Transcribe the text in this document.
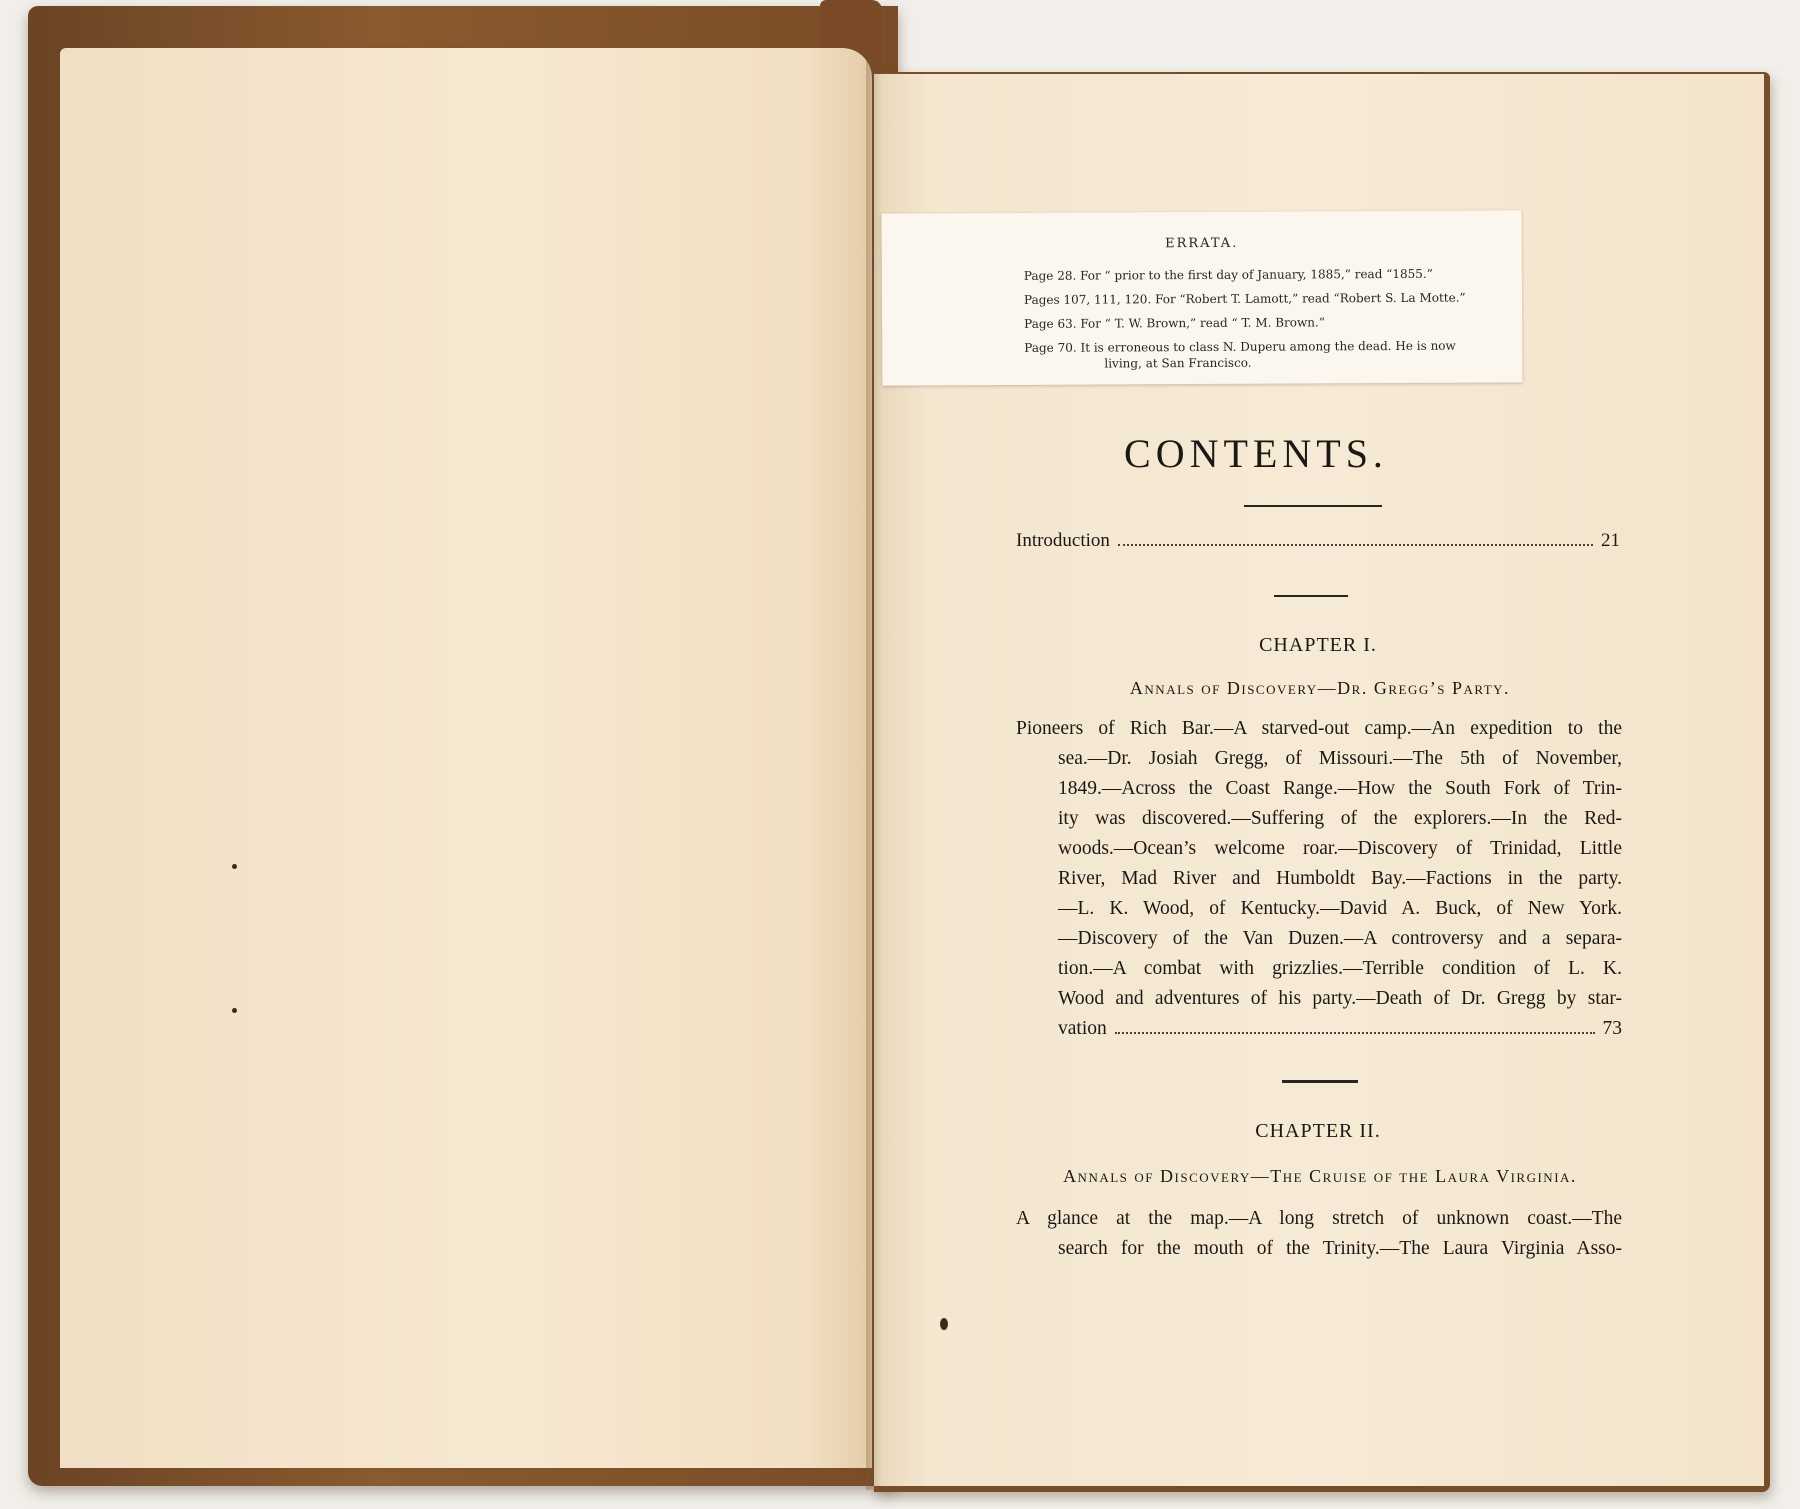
ERRATA.
Page 28. For “ prior to the first day of January, 1885,” read “1855.”
Pages 107, 111, 120. For “Robert T. Lamott,” read “Robert S. La Motte.”
Page 63. For “ T. W. Brown,” read “ T. M. Brown.”
Page 70. It is erroneous to class N. Duperu among the dead. He is now
living, at San Francisco.
CONTENTS.
Introduction	21
CHAPTER I.
Annals of Discovery—Dr. Gregg’s Party.
Pioneers of Rich Bar.—A starved-out camp.—An expedition to the
sea.—Dr. Josiah Gregg, of Missouri.—The 5th of November,
1849.—Across the Coast Range.—How the South Fork of Trin-
ity was discovered.—Suffering of the explorers.—In the Red-
woods.—Ocean’s welcome roar.—Discovery of Trinidad, Little
River, Mad River and Humboldt Bay.—Factions in the party.
—L. K. Wood, of Kentucky.—David A. Buck, of New York.
—Discovery of the Van Duzen.—A controversy and a separa-
tion.—A combat with grizzlies.—Terrible condition of L. K.
Wood and adventures of his party.—Death of Dr. Gregg by star-
vation	73
CHAPTER II.
Annals of Discovery—The Cruise of the Laura Virginia.
A glance at the map.—A long stretch of unknown coast.—The
search for the mouth of the Trinity.—The Laura Virginia Asso-
